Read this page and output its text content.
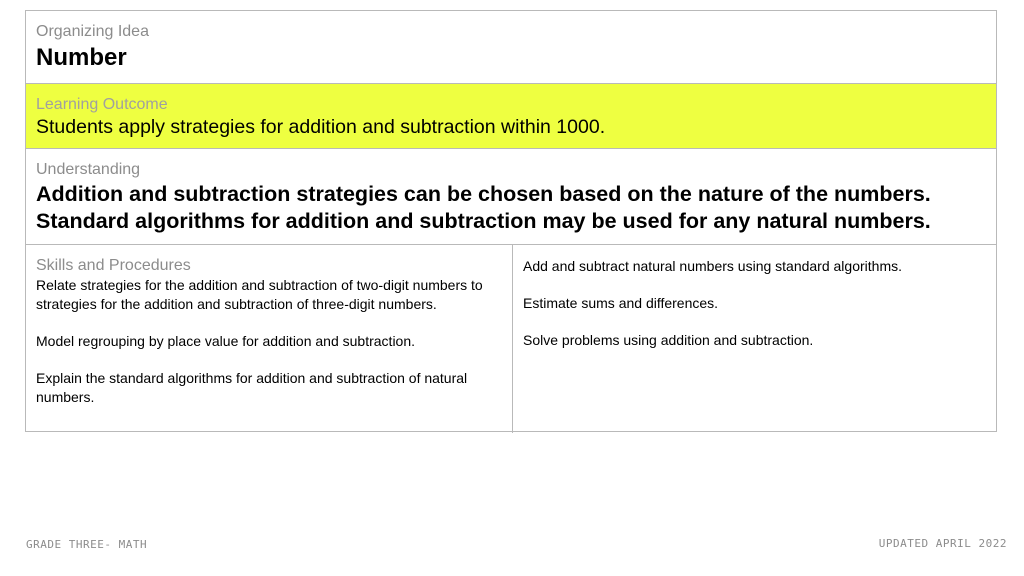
Organizing Idea
Number
Learning Outcome
Students apply strategies for addition and subtraction within 1000.
Understanding
Addition and subtraction strategies can be chosen based on the nature of the numbers.
Standard algorithms for addition and subtraction may be used for any natural numbers.
Skills and Procedures

Relate strategies for the addition and subtraction of two-digit numbers to strategies for the addition and subtraction of three-digit numbers.

Model regrouping by place value for addition and subtraction.

Explain the standard algorithms for addition and subtraction of natural numbers.

Add and subtract natural numbers using standard algorithms.

Estimate sums and differences.

Solve problems using addition and subtraction.

GRADE THREE- MATH	UPDATED APRIL 2022
